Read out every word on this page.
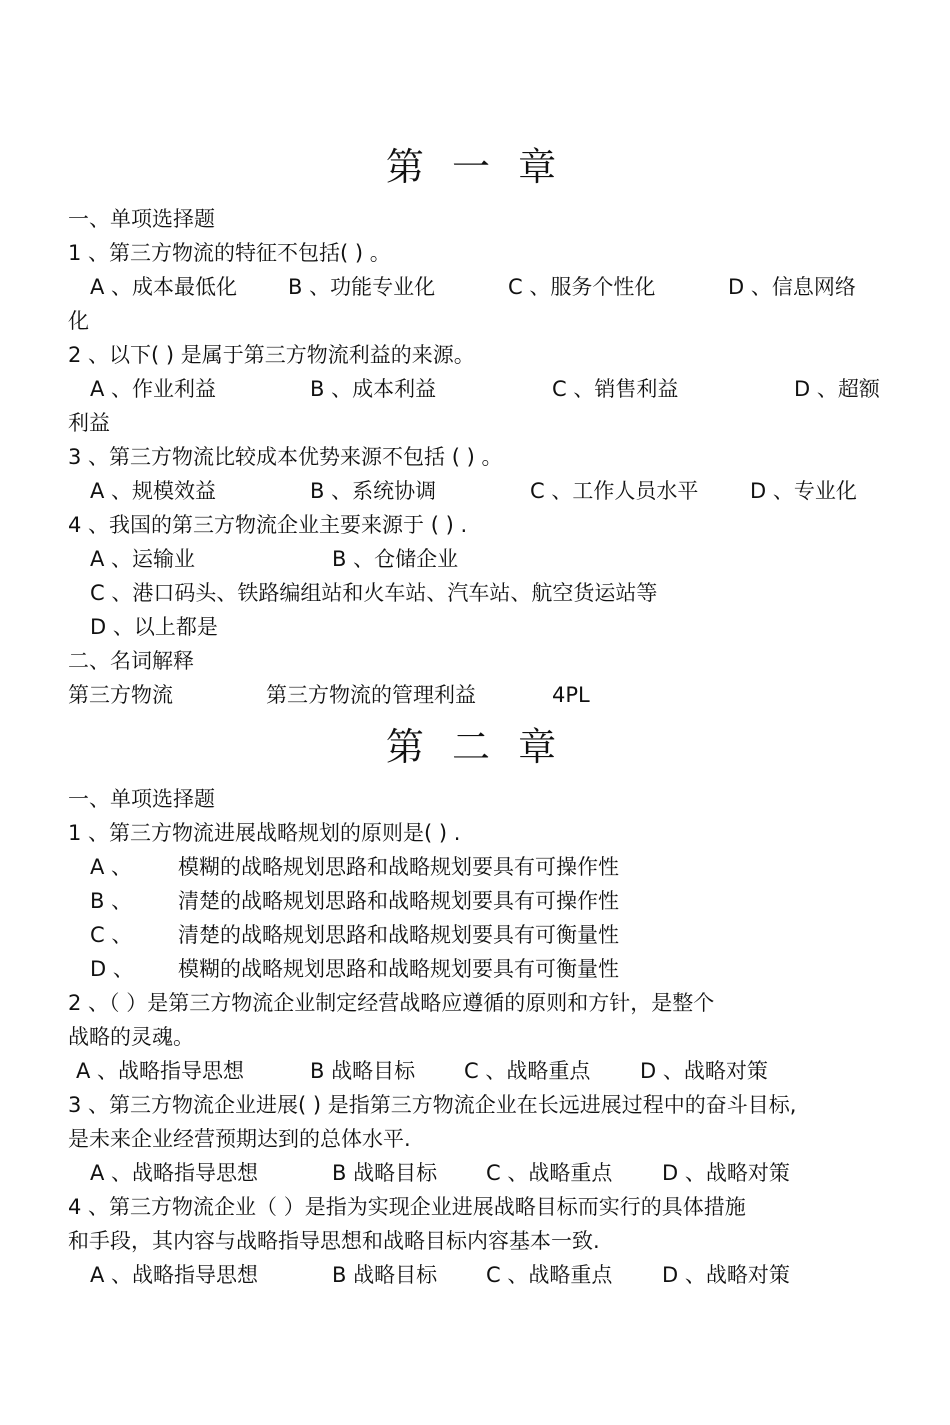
第 一 章
一、单项选择题
1 、第三方物流的特征不包括( ) 。
A 、成本最低化 B 、功能专业化	C 、服务个性化	D 、信息网络
化
2 、以下( ) 是属于第三方物流利益的来源。
A 、作业利益	B 、成本利益	C 、销售利益	D 、超额
利益
3 、第三方物流比较成本优势来源不包括 ( ) 。
A 、规模效益	B 、系统协调	C 、工作人员水平 D 、专业化
4 、我国的第三方物流企业主要来源于 ( ) .
A 、运输业	B 、仓储企业
C 、港口码头、铁路编组站和火车站、汽车站、航空货运站等
D 、以上都是
二、名词解释
第三方物流	第三方物流的管理利益	4PL
第 二 章
一、单项选择题
1 、第三方物流进展战略规划的原则是( ) .
A 、 模糊的战略规划思路和战略规划要具有可操作性
B 、 清楚的战略规划思路和战略规划要具有可操作性
C 、 清楚的战略规划思路和战略规划要具有可衡量性
D 、 模糊的战略规划思路和战略规划要具有可衡量性
2 、（ ）是第三方物流企业制定经营战略应遵循的原则和方针，是整个
战略的灵魂。
A 、战略指导思想	B 战略目标 C 、战略重点 D 、战略对策
3 、第三方物流企业进展( ) 是指第三方物流企业在长远进展过程中的奋斗目标,
是未来企业经营预期达到的总体水平.
A 、战略指导思想	B 战略目标 C 、战略重点 D 、战略对策
4 、第三方物流企业（ ）是指为实现企业进展战略目标而实行的具体措施
和手段，其内容与战略指导思想和战略目标内容基本一致.
A 、战略指导思想	B 战略目标 C 、战略重点 D 、战略对策
